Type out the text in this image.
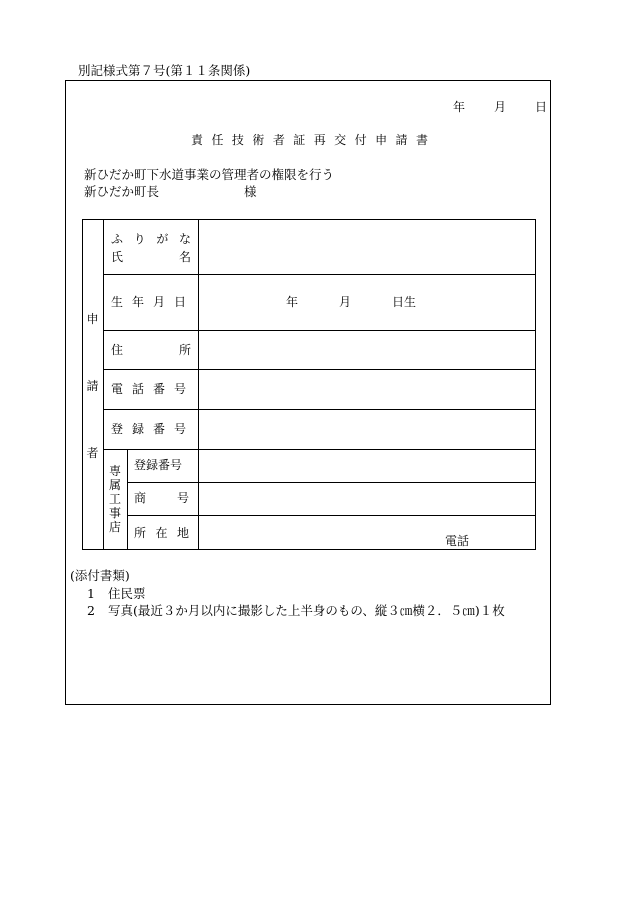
別記様式第７号(第１１条関係)
年 月 日
責 任 技 術 者 証 再 交 付 申 請 書
新ひだか町下水道事業の管理者の権限を行う
新ひだか町長	様
申
請
者
ふ り が な
氏	名
生 年 月 日	年	月	日生
住	所
電 話 番 号
登 録 番 号
専
属
工
事
店
登録番号
商	号
所 在 地
電話
(添付書類)
1 住民票
2 写真(最近３か月以内に撮影した上半身のもの、縦３㎝横２．５㎝)１枚
